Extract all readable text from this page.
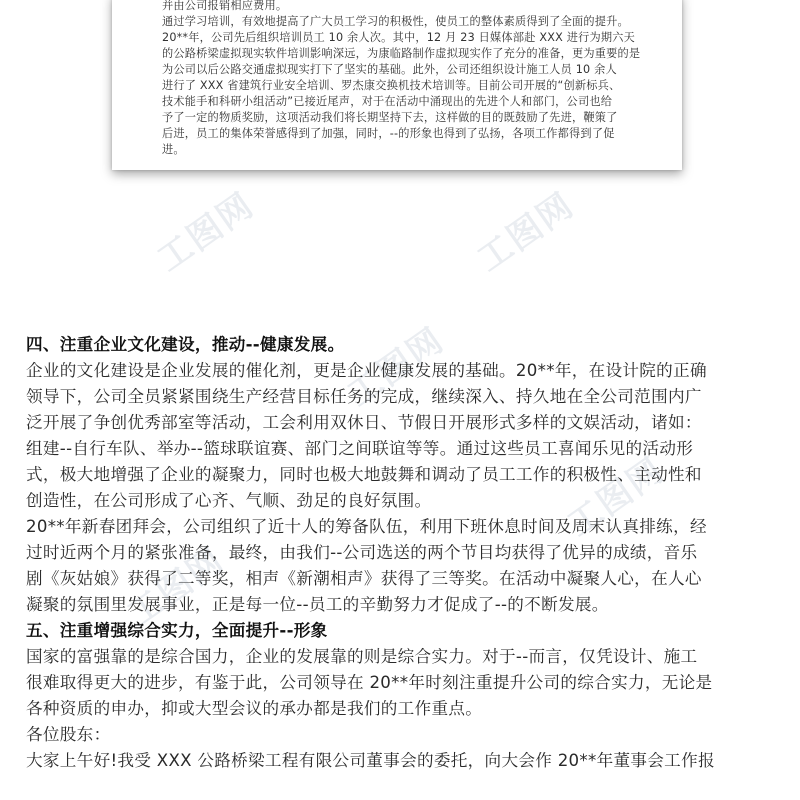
并由公司报销相应费用。
通过学习培训，有效地提高了广大员工学习的积极性，使员工的整体素质得到了全面的提升。
20**年，公司先后组织培训员工 10 余人次。其中，12 月 23 日媒体部赴 XXX 进行为期六天
的公路桥梁虚拟现实软件培训影响深远，为康临路制作虚拟现实作了充分的准备，更为重要的是
为公司以后公路交通虚拟现实打下了坚实的基础。此外，公司还组织设计施工人员 10 余人
进行了 XXX 省建筑行业安全培训、罗杰康交换机技术培训等。目前公司开展的“创新标兵、
技术能手和科研小组活动”已接近尾声，对于在活动中涌现出的先进个人和部门，公司也给
予了一定的物质奖励，这项活动我们将长期坚持下去，这样做的目的既鼓励了先进，鞭策了
后进，员工的集体荣誉感得到了加强，同时，--的形象也得到了弘扬，各项工作都得到了促
进。
工图网	工图网
工图网
工图网
工图网
四、注重企业文化建设，推动--健康发展。
企业的文化建设是企业发展的催化剂，更是企业健康发展的基础。20**年，在设计院的正确
领导下，公司全员紧紧围绕生产经营目标任务的完成，继续深入、持久地在全公司范围内广
泛开展了争创优秀部室等活动，工会利用双休日、节假日开展形式多样的文娱活动，诸如：
组建--自行车队、举办--篮球联谊赛、部门之间联谊等等。通过这些员工喜闻乐见的活动形
式，极大地增强了企业的凝聚力，同时也极大地鼓舞和调动了员工工作的积极性、主动性和
创造性，在公司形成了心齐、气顺、劲足的良好氛围。
20**年新春团拜会，公司组织了近十人的筹备队伍，利用下班休息时间及周末认真排练，经
过时近两个月的紧张准备，最终，由我们--公司选送的两个节目均获得了优异的成绩，音乐
剧《灰姑娘》获得了二等奖，相声《新潮相声》获得了三等奖。在活动中凝聚人心，在人心
凝聚的氛围里发展事业，正是每一位--员工的辛勤努力才促成了--的不断发展。
五、注重增强综合实力，全面提升--形象
国家的富强靠的是综合国力，企业的发展靠的则是综合实力。对于--而言，仅凭设计、施工
很难取得更大的进步，有鉴于此，公司领导在 20**年时刻注重提升公司的综合实力，无论是
各种资质的申办，抑或大型会议的承办都是我们的工作重点。
各位股东：
大家上午好!我受 XXX 公路桥梁工程有限公司董事会的委托，向大会作 20**年董事会工作报
